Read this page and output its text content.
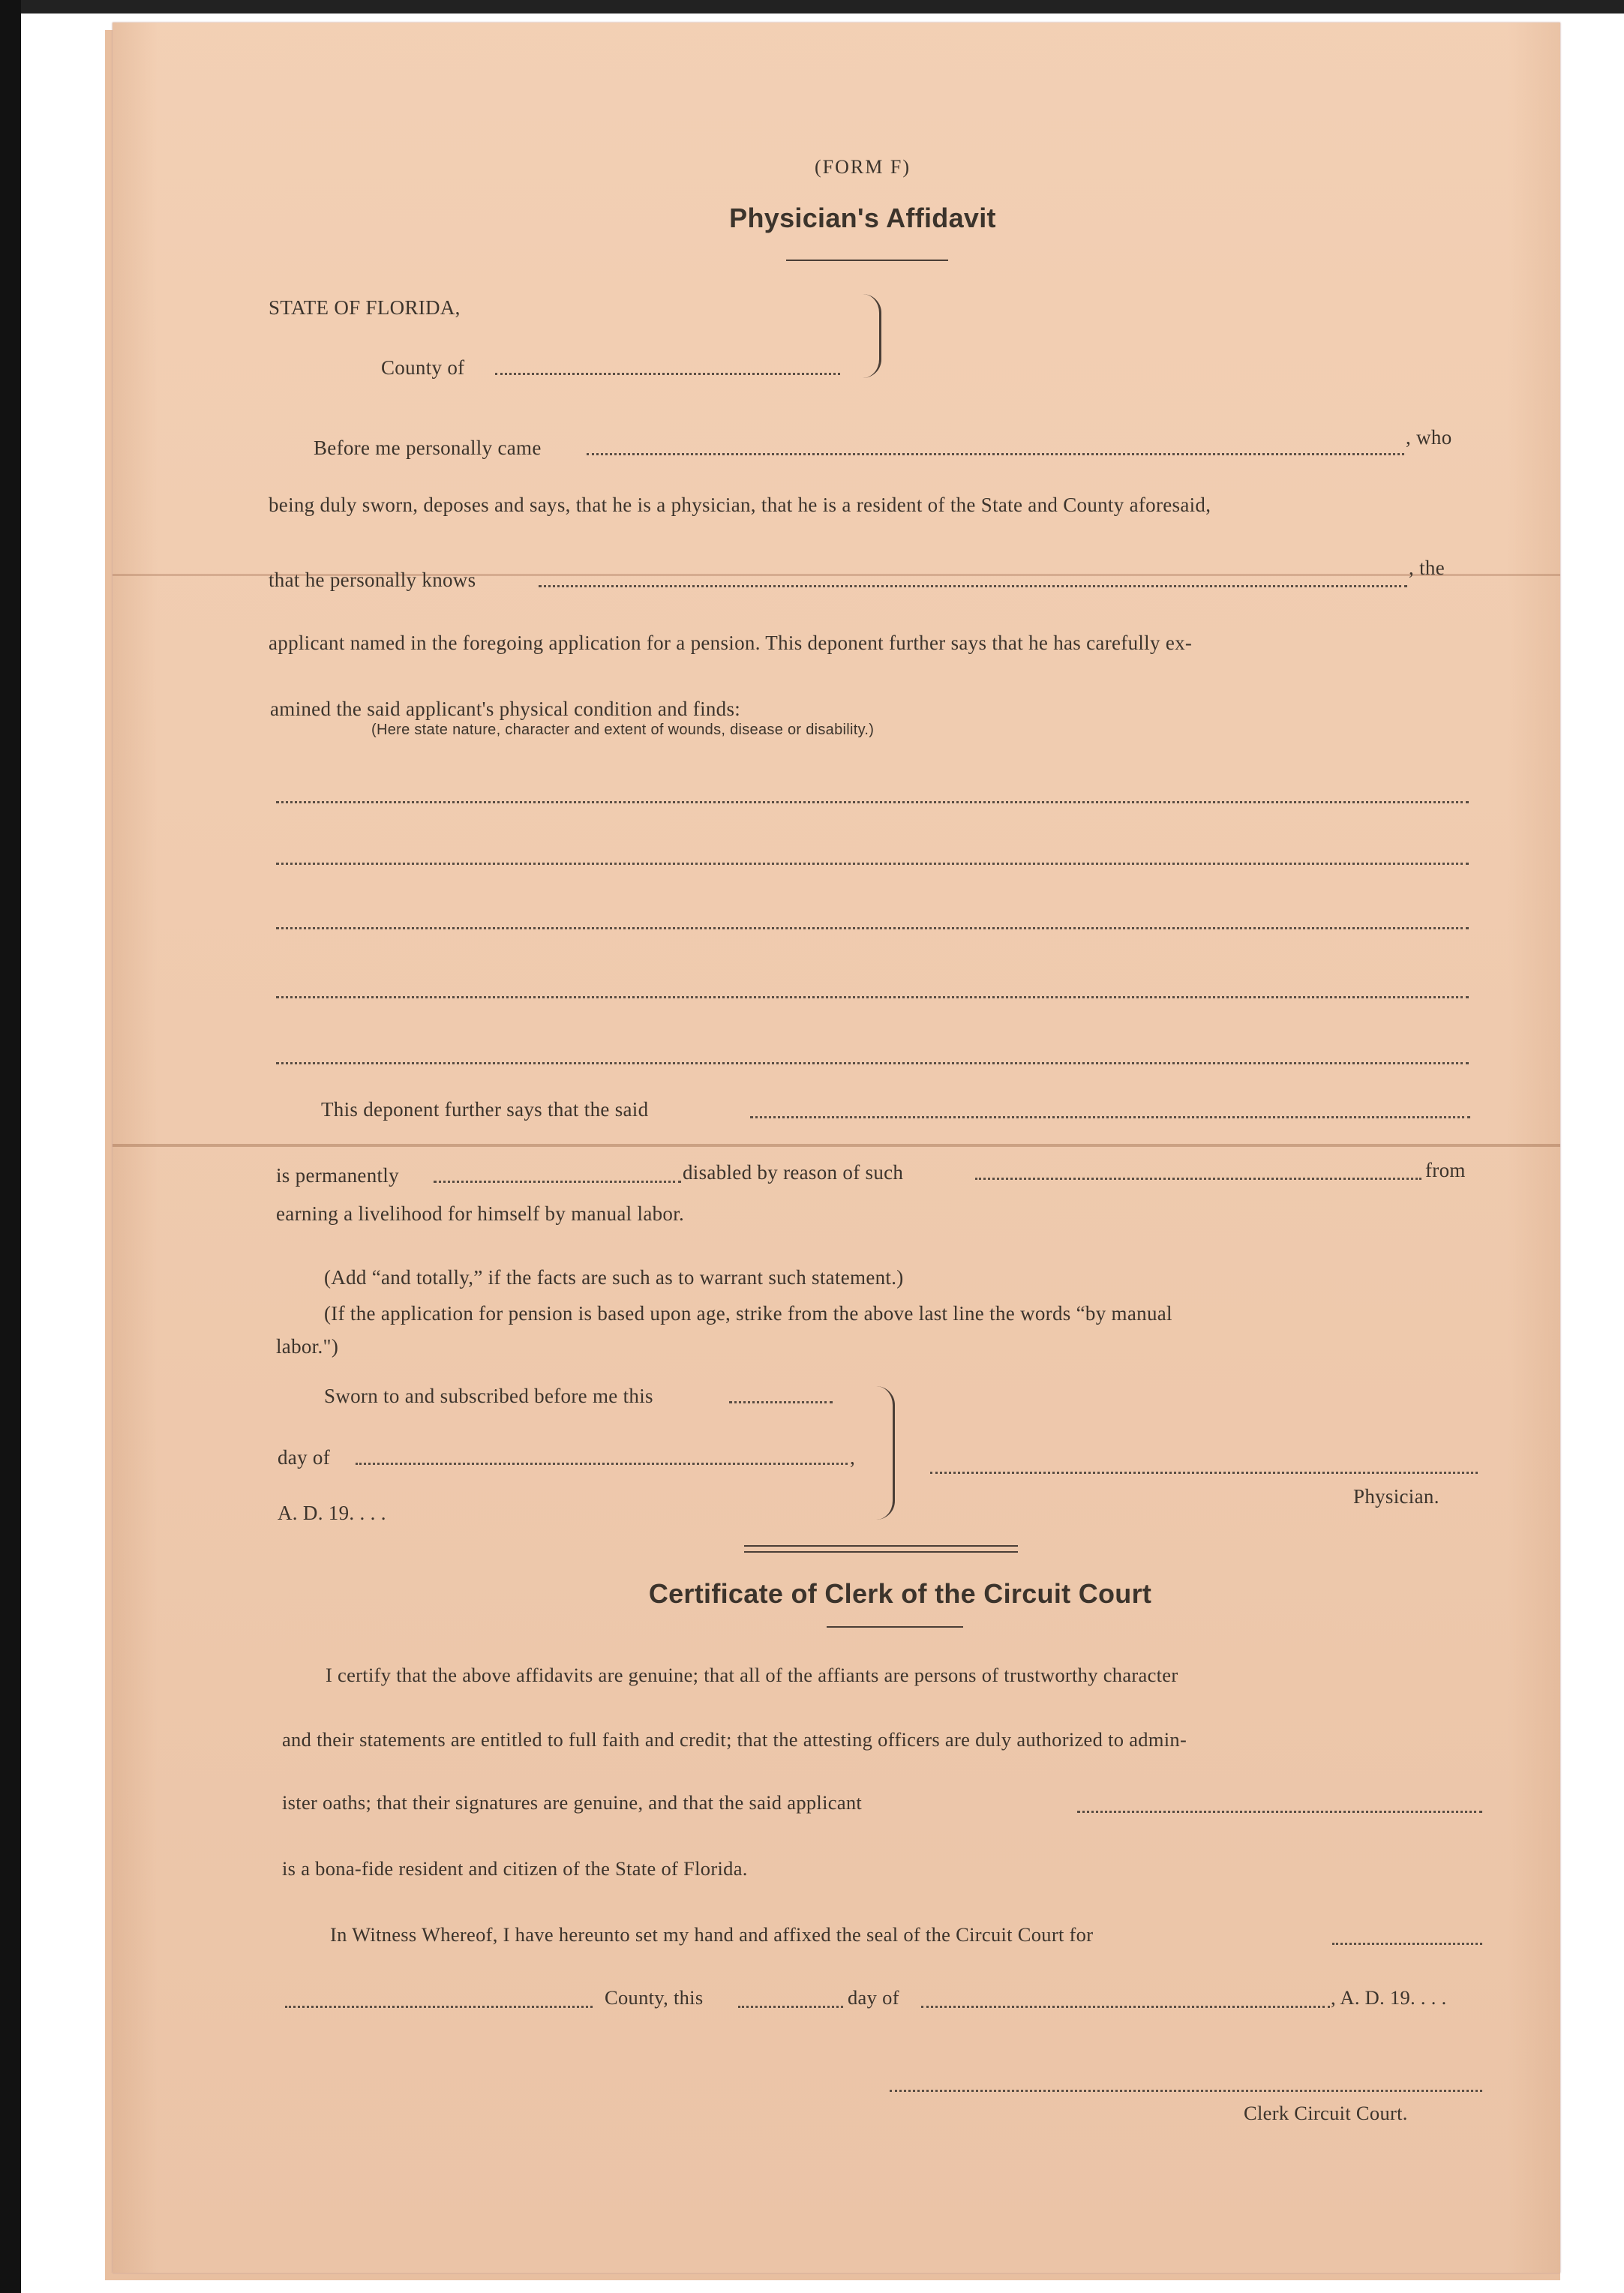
(FORM F)
Physician's Affidavit
STATE OF FLORIDA,
County of
Before me personally came	, who
being duly sworn, deposes and says, that he is a physician, that he is a resident of the State and County aforesaid,
that he personally knows
, the
applicant named in the foregoing application for a pension. This deponent further says that he has carefully ex-
amined the said applicant's physical condition and finds:
(Here state nature, character and extent of wounds, disease or disability.)
This deponent further says that the said
is permanently	disabled by reason of such	from
earning a livelihood for himself by manual labor.
(Add “and totally,” if the facts are such as to warrant such statement.)
(If the application for pension is based upon age, strike from the above last line the words “by manual
labor.")
Sworn to and subscribed before me this
day of	,
A. D. 19. . . .
Physician.
Certificate of Clerk of the Circuit Court
I certify that the above affidavits are genuine; that all of the affiants are persons of trustworthy character
and their statements are entitled to full faith and credit; that the attesting officers are duly authorized to admin-
ister oaths; that their signatures are genuine, and that the said applicant
is a bona-fide resident and citizen of the State of Florida.
In Witness Whereof, I have hereunto set my hand and affixed the seal of the Circuit Court for
County, this	day of	, A. D. 19. . . .
Clerk Circuit Court.
